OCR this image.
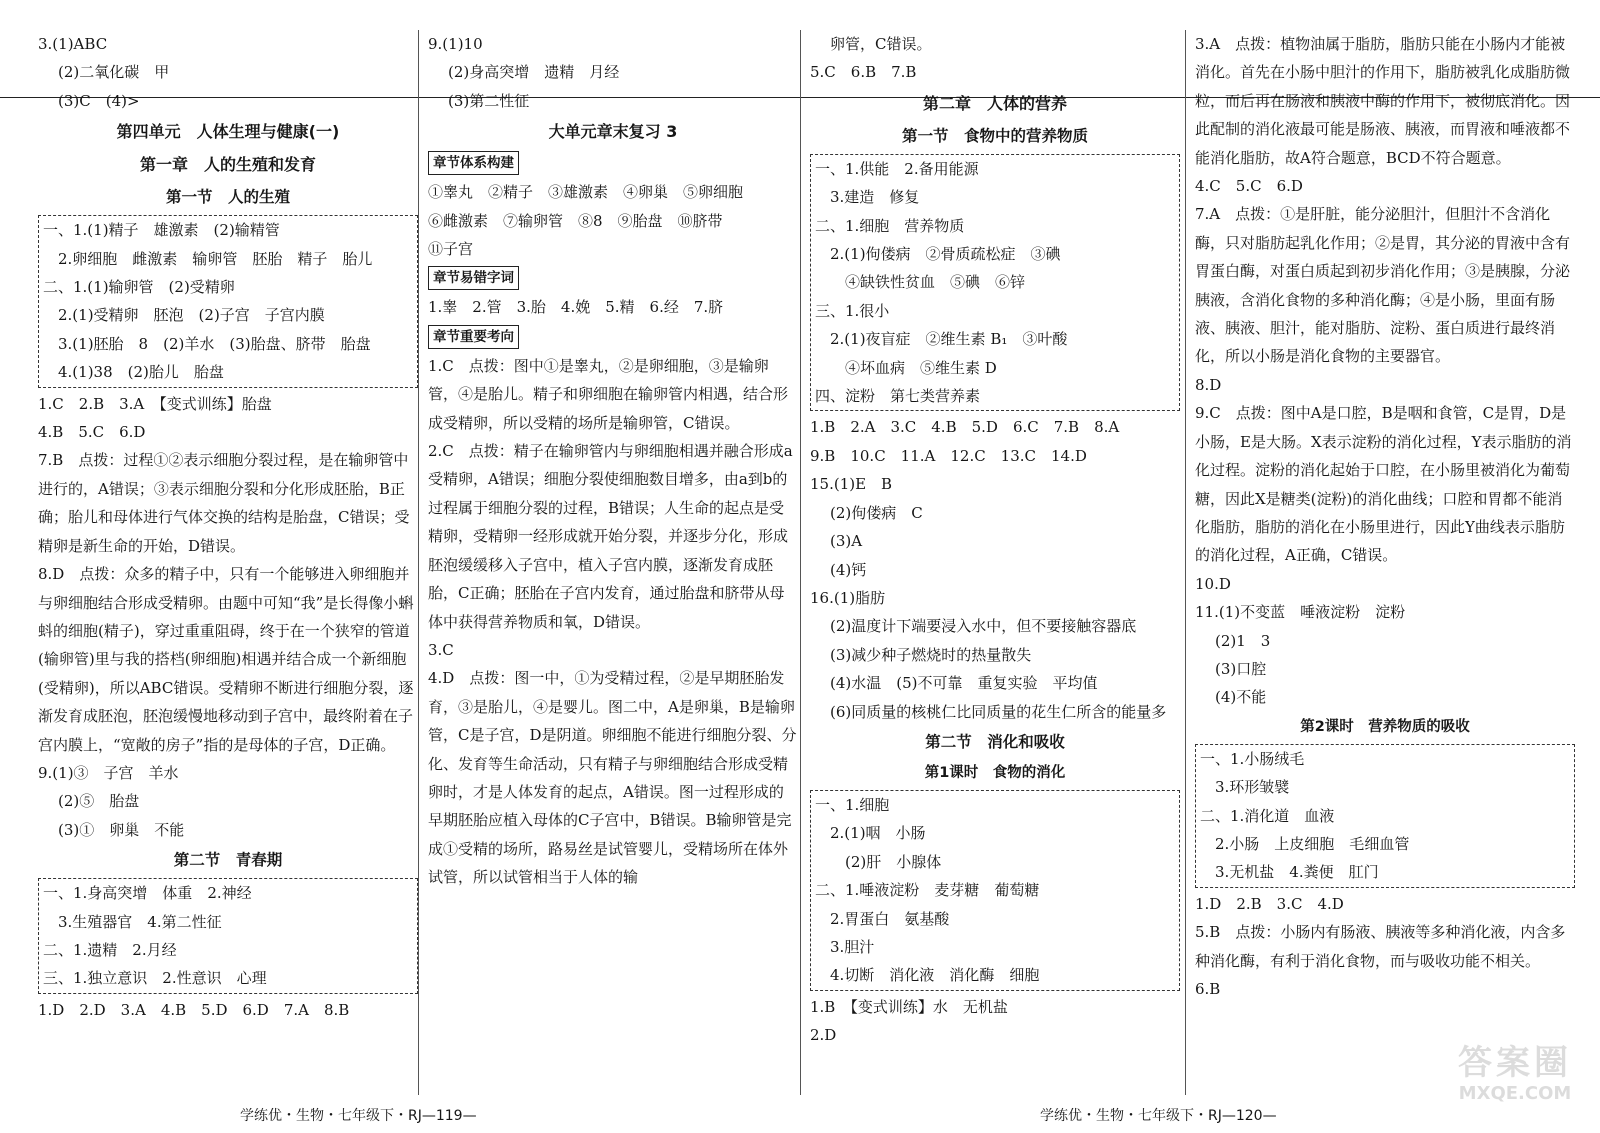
3.(1)ABC
(2)二氧化碳　甲
(3)C　(4)>
第四单元　人体生理与健康(一)
第一章　人的生殖和发育
第一节　人的生殖
一、1.(1)精子　雄激素　(2)输精管
　2.卵细胞　雌激素　输卵管　胚胎　精子　胎儿
二、1.(1)输卵管　(2)受精卵
　2.(1)受精卵　胚泡　(2)子宫　子宫内膜
　3.(1)胚胎　8　(2)羊水　(3)胎盘、脐带　胎盘
　4.(1)38　(2)胎儿　胎盘
1.C　2.B　3.A　【变式训练】胎盘
4.B　5.C　6.D
7.B　点拨：过程①②表示细胞分裂过程，是在输卵管中进行的，A错误；③表示细胞分裂和分化形成胚胎，B正确；胎儿和母体进行气体交换的结构是胎盘，C错误；受精卵是新生命的开始，D错误。
8.D　点拨：众多的精子中，只有一个能够进入卵细胞并与卵细胞结合形成受精卵。由题中可知“我”是长得像小蝌蚪的细胞(精子)，穿过重重阻碍，终于在一个狭窄的管道(输卵管)里与我的搭档(卵细胞)相遇并结合成一个新细胞(受精卵)，所以ABC错误。受精卵不断进行细胞分裂，逐渐发育成胚泡，胚泡缓慢地移动到子宫中，最终附着在子宫内膜上，“宽敞的房子”指的是母体的子宫，D正确。
9.(1)③　子宫　羊水
(2)⑤　胎盘
(3)①　卵巢　不能
第二节　青春期
一、1.身高突增　体重　2.神经
　3.生殖器官　4.第二性征
二、1.遗精　2.月经
三、1.独立意识　2.性意识　心理
1.D　2.D　3.A　4.B　5.D　6.D　7.A　8.B
9.(1)10
(2)身高突增　遗精　月经
(3)第二性征
大单元章末复习 3
章节体系构建
①睾丸　②精子　③雄激素　④卵巢　⑤卵细胞
⑥雌激素　⑦输卵管　⑧8　⑨胎盘　⑩脐带
⑪子宫
章节易错字词
1.睾　2.管　3.胎　4.娩　5.精　6.经　7.脐
章节重要考向
1.C　点拨：图中①是睾丸，②是卵细胞，③是输卵管，④是胎儿。精子和卵细胞在输卵管内相遇，结合形成受精卵，所以受精的场所是输卵管，C错误。
2.C　点拨：精子在输卵管内与卵细胞相遇并融合形成a受精卵，A错误；细胞分裂使细胞数目增多，由a到b的过程属于细胞分裂的过程，B错误；人生命的起点是受精卵，受精卵一经形成就开始分裂，并逐步分化，形成胚泡缓缓移入子宫中，植入子宫内膜，逐渐发育成胚胎，C正确；胚胎在子宫内发育，通过胎盘和脐带从母体中获得营养物质和氧，D错误。
3.C
4.D　点拨：图一中，①为受精过程，②是早期胚胎发育，③是胎儿，④是婴儿。图二中，A是卵巢，B是输卵管，C是子宫，D是阴道。卵细胞不能进行细胞分裂、分化、发育等生命活动，只有精子与卵细胞结合形成受精卵时，才是人体发育的起点，A错误。图一过程形成的早期胚胎应植入母体的C子宫中，B错误。B输卵管是完成①受精的场所，路易丝是试管婴儿，受精场所在体外试管，所以试管相当于人体的输
卵管，C错误。
5.C　6.B　7.B
第二章　人体的营养
第一节　食物中的营养物质
一、1.供能　2.备用能源
　3.建造　修复
二、1.细胞　营养物质
　2.(1)佝偻病　②骨质疏松症　③碘
　　④缺铁性贫血　⑤碘　⑥锌
三、1.很小
　2.(1)夜盲症　②维生素 B₁　③叶酸
　　④坏血病　⑤维生素 D
四、淀粉　第七类营养素
1.B　2.A　3.C　4.B　5.D　6.C　7.B　8.A
9.B　10.C　11.A　12.C　13.C　14.D
15.(1)E　B
(2)佝偻病　C
(3)A
(4)钙
16.(1)脂肪
(2)温度计下端要浸入水中，但不要接触容器底
(3)减少种子燃烧时的热量散失
(4)水温　(5)不可靠　重复实验　平均值
(6)同质量的核桃仁比同质量的花生仁所含的能量多
第二节　消化和吸收
第1课时　食物的消化
一、1.细胞
　2.(1)咽　小肠
　　(2)肝　小腺体
二、1.唾液淀粉　麦芽糖　葡萄糖
　2.胃蛋白　氨基酸
　3.胆汁
　4.切断　消化液　消化酶　细胞
1.B　【变式训练】水　无机盐
2.D
3.A　点拨：植物油属于脂肪，脂肪只能在小肠内才能被消化。首先在小肠中胆汁的作用下，脂肪被乳化成脂肪微粒，而后再在肠液和胰液中酶的作用下，被彻底消化。因此配制的消化液最可能是肠液、胰液，而胃液和唾液都不能消化脂肪，故A符合题意，BCD不符合题意。
4.C　5.C　6.D
7.A　点拨：①是肝脏，能分泌胆汁，但胆汁不含消化酶，只对脂肪起乳化作用；②是胃，其分泌的胃液中含有胃蛋白酶，对蛋白质起到初步消化作用；③是胰腺，分泌胰液，含消化食物的多种消化酶；④是小肠，里面有肠液、胰液、胆汁，能对脂肪、淀粉、蛋白质进行最终消化，所以小肠是消化食物的主要器官。
8.D
9.C　点拨：图中A是口腔，B是咽和食管，C是胃，D是小肠，E是大肠。X表示淀粉的消化过程，Y表示脂肪的消化过程。淀粉的消化起始于口腔，在小肠里被消化为葡萄糖，因此X是糖类(淀粉)的消化曲线；口腔和胃都不能消化脂肪，脂肪的消化在小肠里进行，因此Y曲线表示脂肪的消化过程，A正确，C错误。
10.D
11.(1)不变蓝　唾液淀粉　淀粉
(2)1　3
(3)口腔
(4)不能
第2课时　营养物质的吸收
一、1.小肠绒毛
　3.环形皱襞
二、1.消化道　血液
　2.小肠　上皮细胞　毛细血管
　3.无机盐　4.粪便　肛门
1.D　2.B　3.C　4.D
5.B　点拨：小肠内有肠液、胰液等多种消化液，内含多种消化酶，有利于消化食物，而与吸收功能不相关。
6.B
学练优・生物・七年级下・RJ—119—	学练优・生物・七年级下・RJ—120—
答案圈
MXQE.COM
